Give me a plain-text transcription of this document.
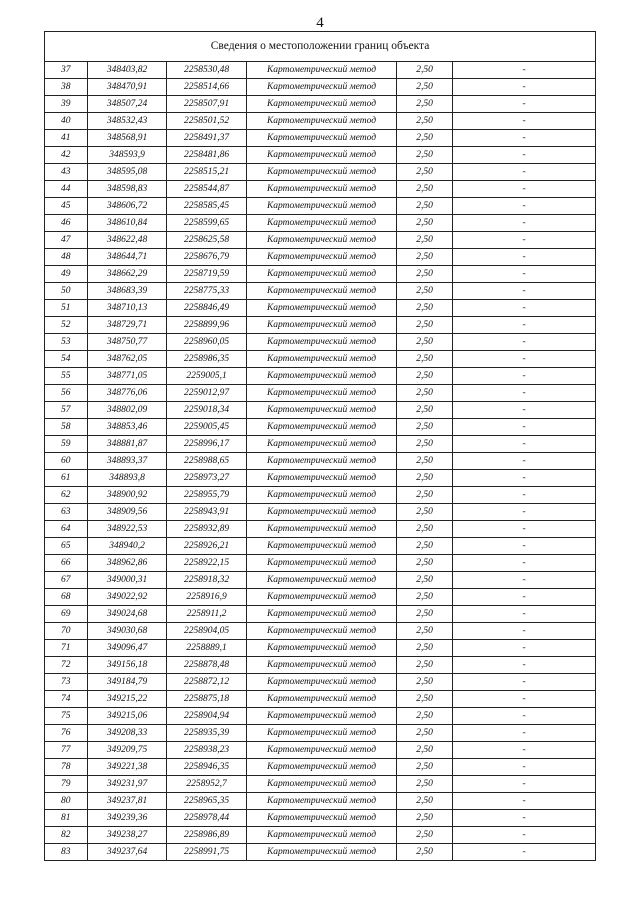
4
Сведения о местоположении границ объекта					
37	348403,82	2258530,48	Картометрический метод	2,50	-
38	348470,91	2258514,66	Картометрический метод	2,50	-
39	348507,24	2258507,91	Картометрический метод	2,50	-
40	348532,43	2258501,52	Картометрический метод	2,50	-
41	348568,91	2258491,37	Картометрический метод	2,50	-
42	348593,9	2258481,86	Картометрический метод	2,50	-
43	348595,08	2258515,21	Картометрический метод	2,50	-
44	348598,83	2258544,87	Картометрический метод	2,50	-
45	348606,72	2258585,45	Картометрический метод	2,50	-
46	348610,84	2258599,65	Картометрический метод	2,50	-
47	348622,48	2258625,58	Картометрический метод	2,50	-
48	348644,71	2258676,79	Картометрический метод	2,50	-
49	348662,29	2258719,59	Картометрический метод	2,50	-
50	348683,39	2258775,33	Картометрический метод	2,50	-
51	348710,13	2258846,49	Картометрический метод	2,50	-
52	348729,71	2258899,96	Картометрический метод	2,50	-
53	348750,77	2258960,05	Картометрический метод	2,50	-
54	348762,05	2258986,35	Картометрический метод	2,50	-
55	348771,05	2259005,1	Картометрический метод	2,50	-
56	348776,06	2259012,97	Картометрический метод	2,50	-
57	348802,09	2259018,34	Картометрический метод	2,50	-
58	348853,46	2259005,45	Картометрический метод	2,50	-
59	348881,87	2258996,17	Картометрический метод	2,50	-
60	348893,37	2258988,65	Картометрический метод	2,50	-
61	348893,8	2258973,27	Картометрический метод	2,50	-
62	348900,92	2258955,79	Картометрический метод	2,50	-
63	348909,56	2258943,91	Картометрический метод	2,50	-
64	348922,53	2258932,89	Картометрический метод	2,50	-
65	348940,2	2258926,21	Картометрический метод	2,50	-
66	348962,86	2258922,15	Картометрический метод	2,50	-
67	349000,31	2258918,32	Картометрический метод	2,50	-
68	349022,92	2258916,9	Картометрический метод	2,50	-
69	349024,68	2258911,2	Картометрический метод	2,50	-
70	349030,68	2258904,05	Картометрический метод	2,50	-
71	349096,47	2258889,1	Картометрический метод	2,50	-
72	349156,18	2258878,48	Картометрический метод	2,50	-
73	349184,79	2258872,12	Картометрический метод	2,50	-
74	349215,22	2258875,18	Картометрический метод	2,50	-
75	349215,06	2258904,94	Картометрический метод	2,50	-
76	349208,33	2258935,39	Картометрический метод	2,50	-
77	349209,75	2258938,23	Картометрический метод	2,50	-
78	349221,38	2258946,35	Картометрический метод	2,50	-
79	349231,97	2258952,7	Картометрический метод	2,50	-
80	349237,81	2258965,35	Картометрический метод	2,50	-
81	349239,36	2258978,44	Картометрический метод	2,50	-
82	349238,27	2258986,89	Картометрический метод	2,50	-
83	349237,64	2258991,75	Картометрический метод	2,50	-
